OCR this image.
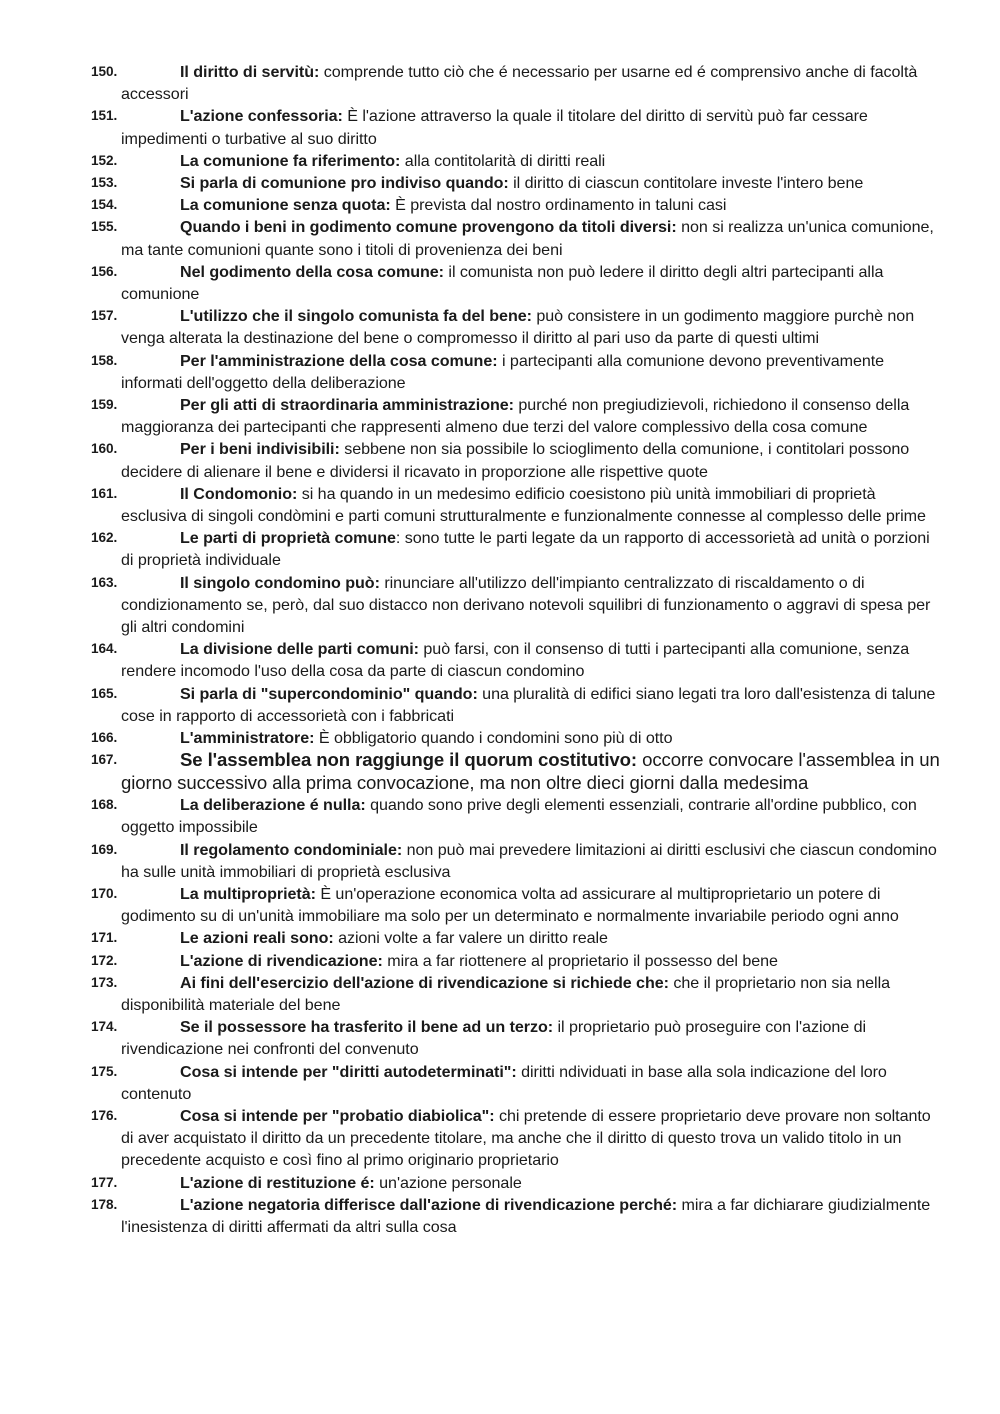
150.	Il diritto di servitù: comprende tutto ciò che é necessario per usarne ed é comprensivo anche di facoltà accessori
151.	L'azione confessoria: È l'azione attraverso la quale il titolare del diritto di servitù può far cessare impedimenti o turbative al suo diritto
152.	La comunione fa riferimento: alla contitolarità di diritti reali
153.	Si parla di comunione pro indiviso quando: il diritto di ciascun contitolare investe l'intero bene
154.	La comunione senza quota: È prevista dal nostro ordinamento in taluni casi
155.	Quando i beni in godimento comune provengono da titoli diversi: non si realizza un'unica comunione, ma tante comunioni quante sono i titoli di provenienza dei beni
156.	Nel godimento della cosa comune: il comunista non può ledere il diritto degli altri partecipanti alla comunione
157.	L'utilizzo che il singolo comunista fa del bene: può consistere in un godimento maggiore purchè non venga alterata la destinazione del bene o compromesso il diritto al pari uso da parte di questi ultimi
158.	Per l'amministrazione della cosa comune: i partecipanti alla comunione devono preventivamente informati dell'oggetto della deliberazione
159.	Per gli atti di straordinaria amministrazione: purché non pregiudizievoli, richiedono il consenso della maggioranza dei partecipanti che rappresenti almeno due terzi del valore complessivo della cosa comune
160.	Per i beni indivisibili: sebbene non sia possibile lo scioglimento della comunione, i contitolari possono decidere di alienare il bene e dividersi il ricavato in proporzione alle rispettive quote
161.	Il Condomonio: si ha quando in un medesimo edificio coesistono più unità immobiliari di proprietà esclusiva di singoli condòmini e parti comuni strutturalmente e funzionalmente connesse al complesso delle prime
162.	Le parti di proprietà comune: sono tutte le parti legate da un rapporto di accessorietà ad unità o porzioni di proprietà individuale
163.	Il singolo condomino può: rinunciare all'utilizzo dell'impianto centralizzato di riscaldamento o di condizionamento se, però, dal suo distacco non derivano notevoli squilibri di funzionamento o aggravi di spesa per gli altri condomini
164.	La divisione delle parti comuni: può farsi, con il consenso di tutti i partecipanti alla comunione, senza rendere incomodo l'uso della cosa da parte di ciascun condomino
165.	Si parla di "supercondominio" quando: una pluralità di edifici siano legati tra loro dall'esistenza di talune cose in rapporto di accessorietà con i fabbricati
166.	L'amministratore: È obbligatorio quando i condomini sono più di otto
167.	Se l'assemblea non raggiunge il quorum costitutivo: occorre convocare l'assemblea in un giorno successivo alla prima convocazione, ma non oltre dieci giorni dalla medesima
168.	La deliberazione é nulla: quando sono prive degli elementi essenziali, contrarie all'ordine pubblico, con oggetto impossibile
169.	Il regolamento condominiale: non può mai prevedere limitazioni ai diritti esclusivi che ciascun condomino ha sulle unità immobiliari di proprietà esclusiva
170.	La multiproprietà: È un'operazione economica volta ad assicurare al multiproprietario un potere di godimento su di un'unità immobiliare ma solo per un determinato e normalmente invariabile periodo ogni anno
171.	Le azioni reali sono: azioni volte a far valere un diritto reale
172.	L'azione di rivendicazione: mira a far riottenere al proprietario il possesso del bene
173.	Ai fini dell'esercizio dell'azione di rivendicazione si richiede che: che il proprietario non sia nella disponibilità materiale del bene
174.	Se il possessore ha trasferito il bene ad un terzo: il proprietario può proseguire con l'azione di rivendicazione nei confronti del convenuto
175.	Cosa si intende per "diritti autodeterminati": diritti ndividuati in base alla sola indicazione del loro contenuto
176.	Cosa si intende per "probatio diabiolica": chi pretende di essere proprietario deve provare non soltanto di aver acquistato il diritto da un precedente titolare, ma anche che il diritto di questo trova un valido titolo in un precedente acquisto e così fino al primo originario proprietario
177.	L'azione di restituzione é: un'azione personale
178.	L'azione negatoria differisce dall'azione di rivendicazione perché: mira a far dichiarare giudizialmente l'inesistenza di diritti affermati da altri sulla cosa
